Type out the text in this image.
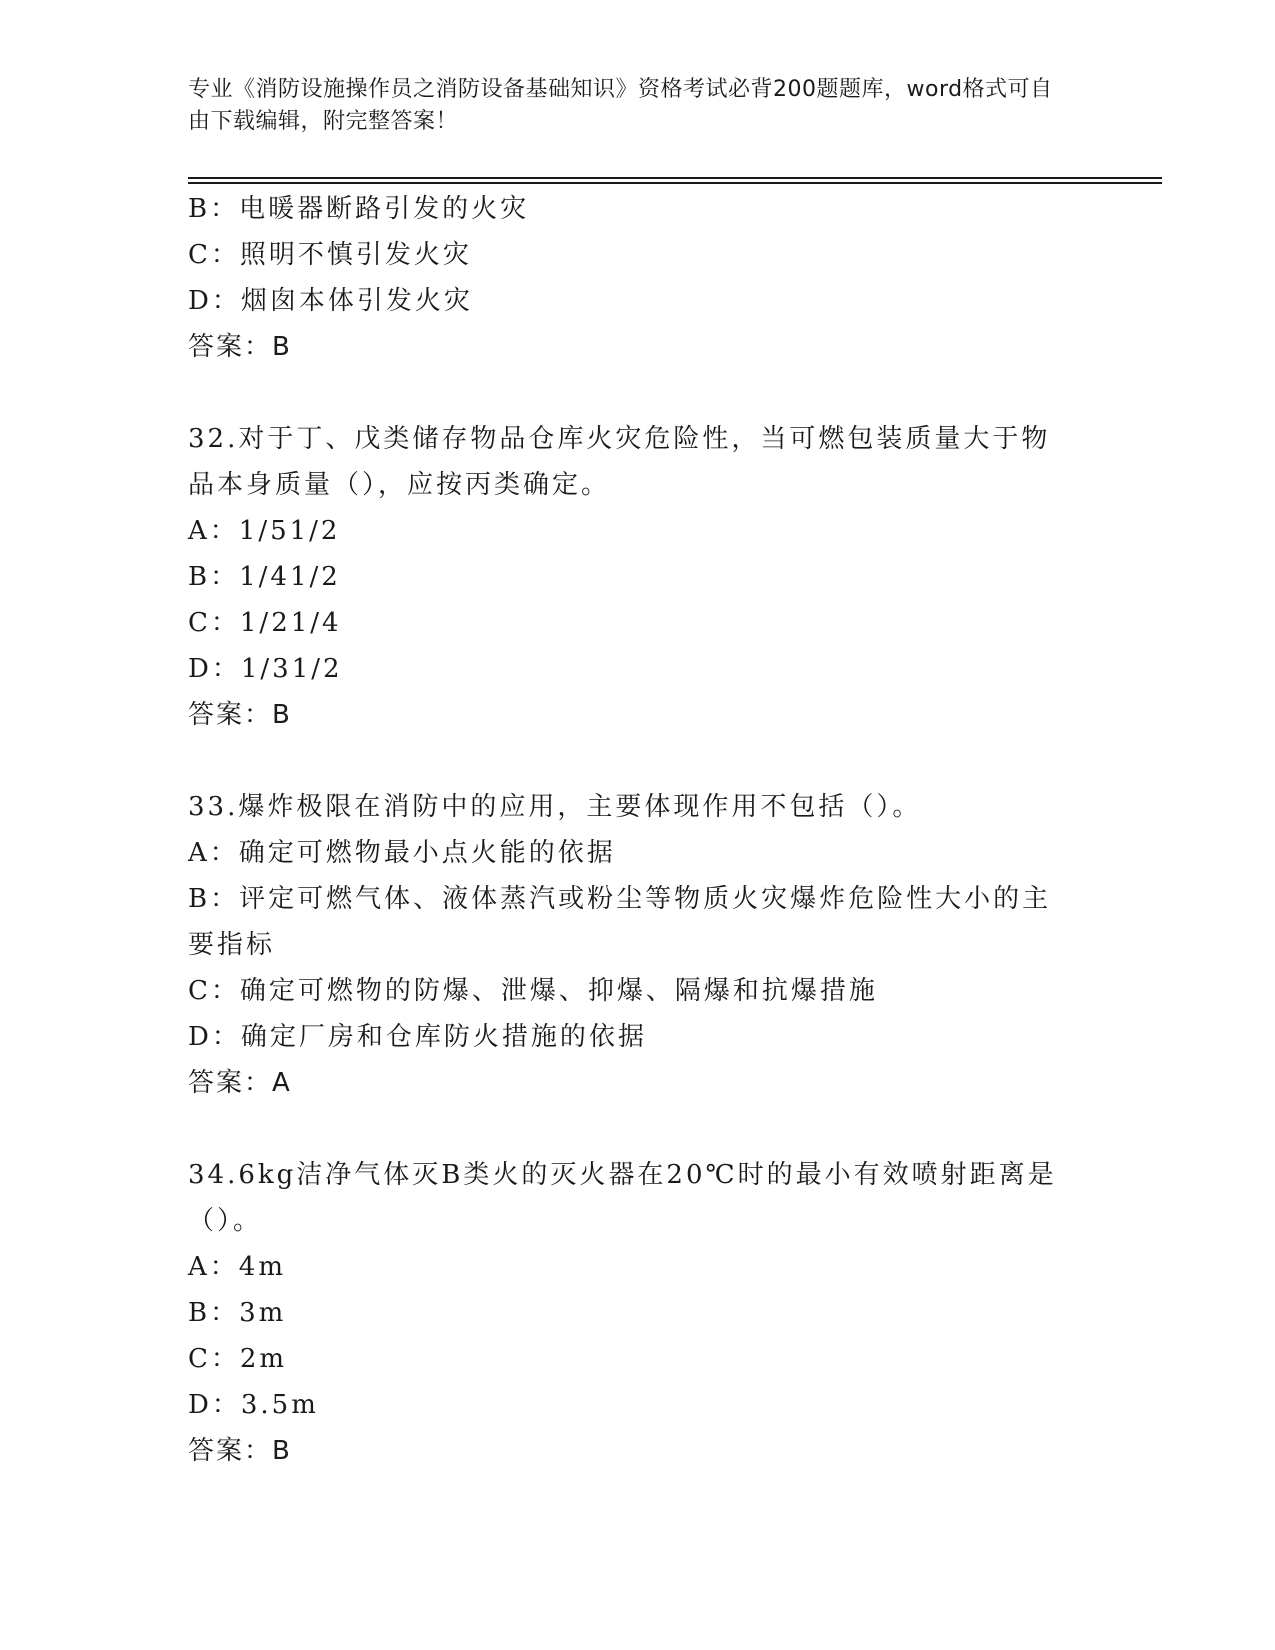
专业《消防设施操作员之消防设备基础知识》资格考试必背200题题库，word格式可自由下载编辑，附完整答案！

B：电暖器断路引发的火灾

C：照明不慎引发火灾

D：烟囱本体引发火灾

答案：B

32.对于丁、戊类储存物品仓库火灾危险性，当可燃包装质量大于物品本身质量（），应按丙类确定。

A：1/51/2

B：1/41/2

C：1/21/4

D：1/31/2

答案：B

33.爆炸极限在消防中的应用，主要体现作用不包括（）。

A：确定可燃物最小点火能的依据

B：评定可燃气体、液体蒸汽或粉尘等物质火灾爆炸危险性大小的主要指标

C：确定可燃物的防爆、泄爆、抑爆、隔爆和抗爆措施

D：确定厂房和仓库防火措施的依据

答案：A

34.6kg洁净气体灭B类火的灭火器在20℃时的最小有效喷射距离是（）。

A：4m

B：3m

C：2m

D：3.5m

答案：B
